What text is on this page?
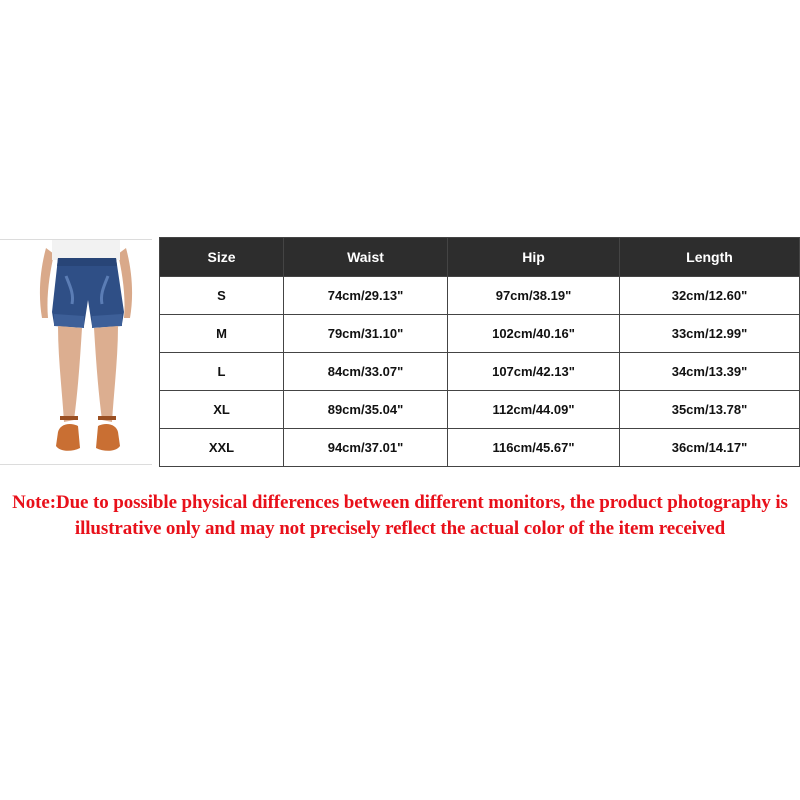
Size	Waist	Hip	Length
S	74cm/29.13"	97cm/38.19"	32cm/12.60"
M	79cm/31.10"	102cm/40.16"	33cm/12.99"
L	84cm/33.07"	107cm/42.13"	34cm/13.39"
XL	89cm/35.04"	112cm/44.09"	35cm/13.78"
XXL	94cm/37.01"	116cm/45.67"	36cm/14.17"
Note:Due to possible physical differences between different monitors, the product photography is
illustrative only and may not precisely reflect the actual color of the item received
